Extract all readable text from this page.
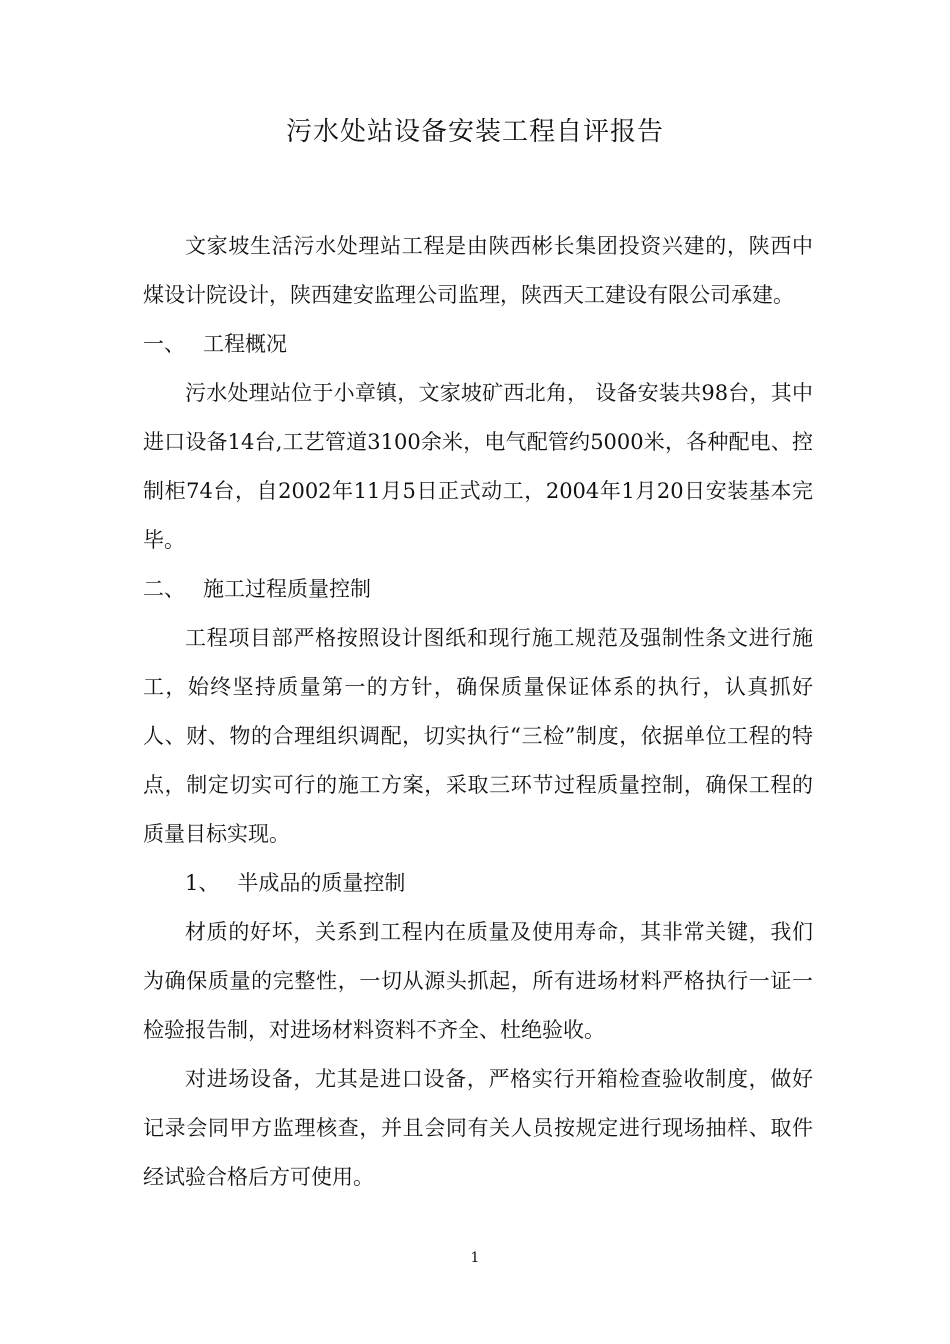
污水处站设备安装工程自评报告

文家坡生活污水处理站工程是由陕西彬长集团投资兴建的，陕西中煤设计院设计，陕西建安监理公司监理，陕西天工建设有限公司承建。

一、 工程概况

污水处理站位于小章镇，文家坡矿西北角， 设备安装共98台，其中进口设备14台,工艺管道3100余米，电气配管约5000米，各种配电、控制柜74台，自2002年11月5日正式动工，2004年1月20日安装基本完毕。

二、 施工过程质量控制

工程项目部严格按照设计图纸和现行施工规范及强制性条文进行施工，始终坚持质量第一的方针，确保质量保证体系的执行，认真抓好人、财、物的合理组织调配，切实执行“三检”制度，依据单位工程的特点，制定切实可行的施工方案，采取三环节过程质量控制，确保工程的质量目标实现。

1、 半成品的质量控制

材质的好坏，关系到工程内在质量及使用寿命，其非常关键，我们为确保质量的完整性，一切从源头抓起，所有进场材料严格执行一证一检验报告制，对进场材料资料不齐全、杜绝验收。

对进场设备，尤其是进口设备，严格实行开箱检查验收制度，做好记录会同甲方监理核查，并且会同有关人员按规定进行现场抽样、取件经试验合格后方可使用。

1
